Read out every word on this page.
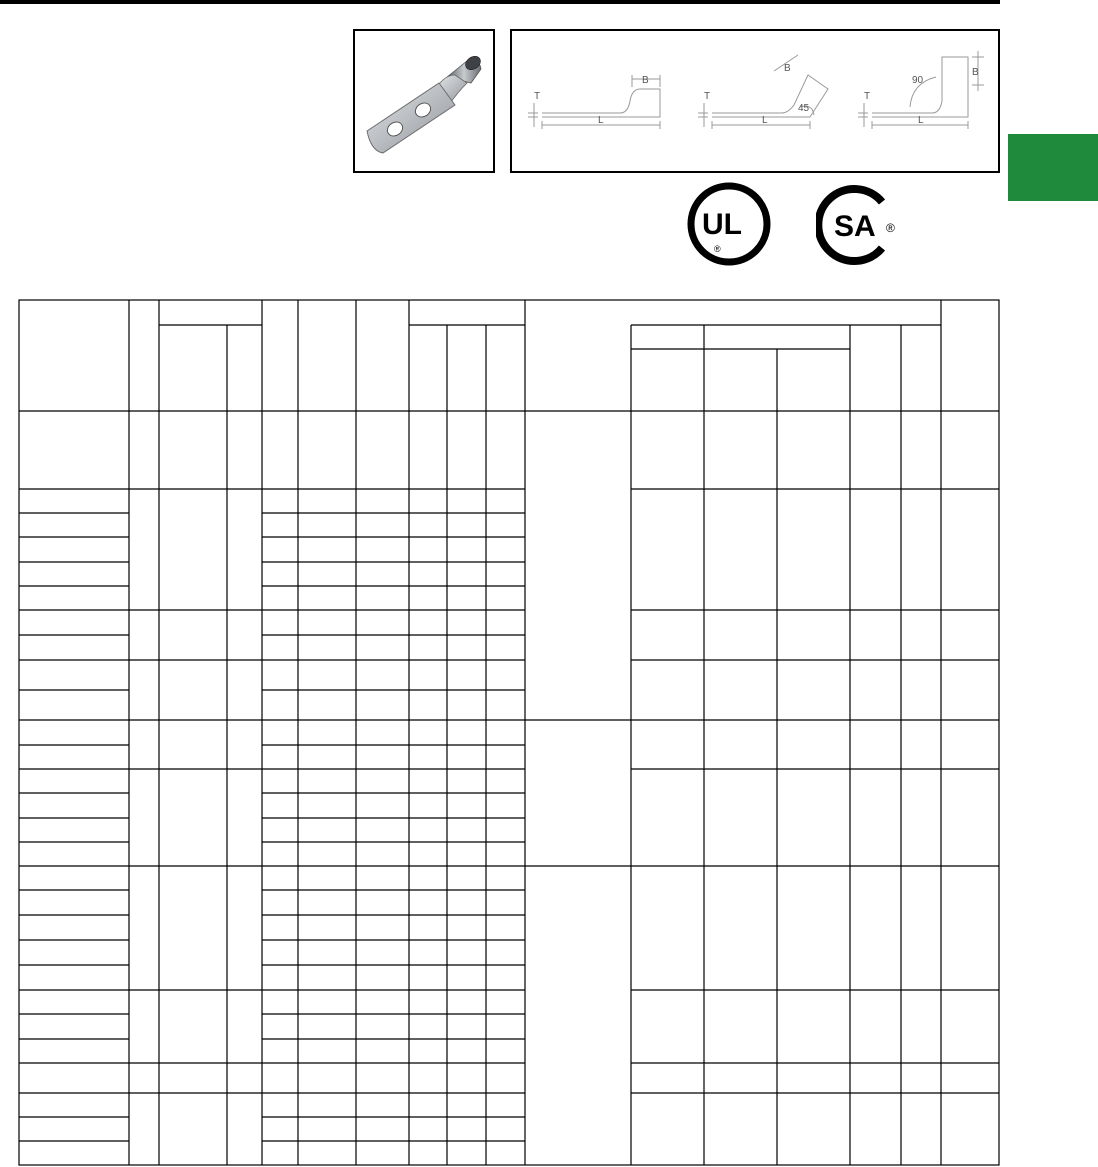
T
B
L
T
B
L
45
T
B
L
90
UL
®
SA ®
